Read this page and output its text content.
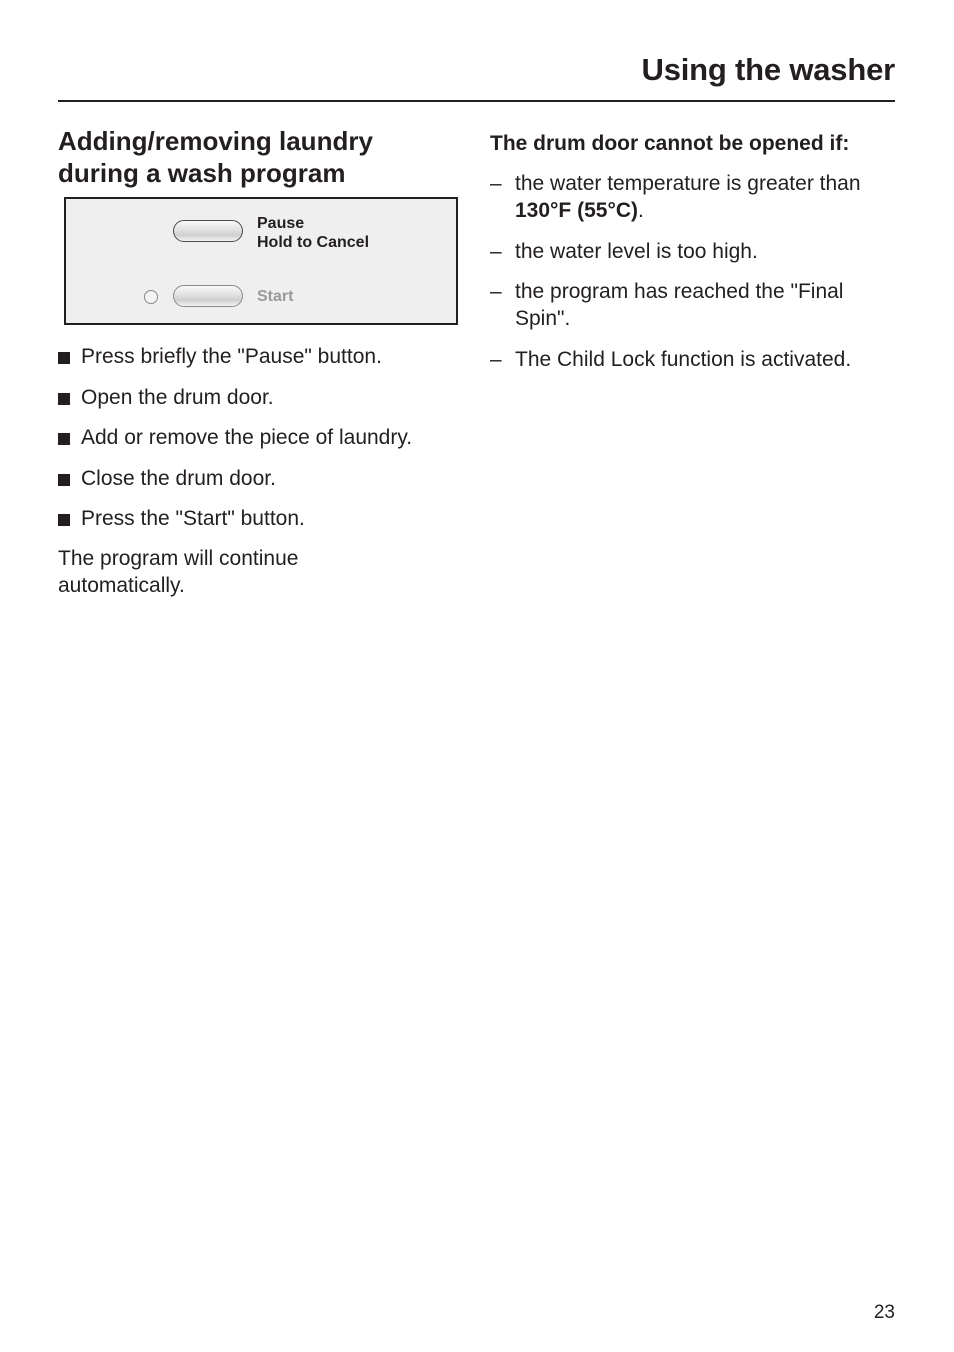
Using the washer
Adding/removing laundry
during a wash program
Pause
Hold to Cancel
Start
Press briefly the "Pause" button.
Open the drum door.
Add or remove the piece of laundry.
Close the drum door.
Press the "Start" button.

The program will continue automatically.

The drum door cannot be opened if:
– the water temperature is greater than 130°F (55°C).
– the water level is too high.
– the program has reached the "Final Spin".
– The Child Lock function is activated.
23
